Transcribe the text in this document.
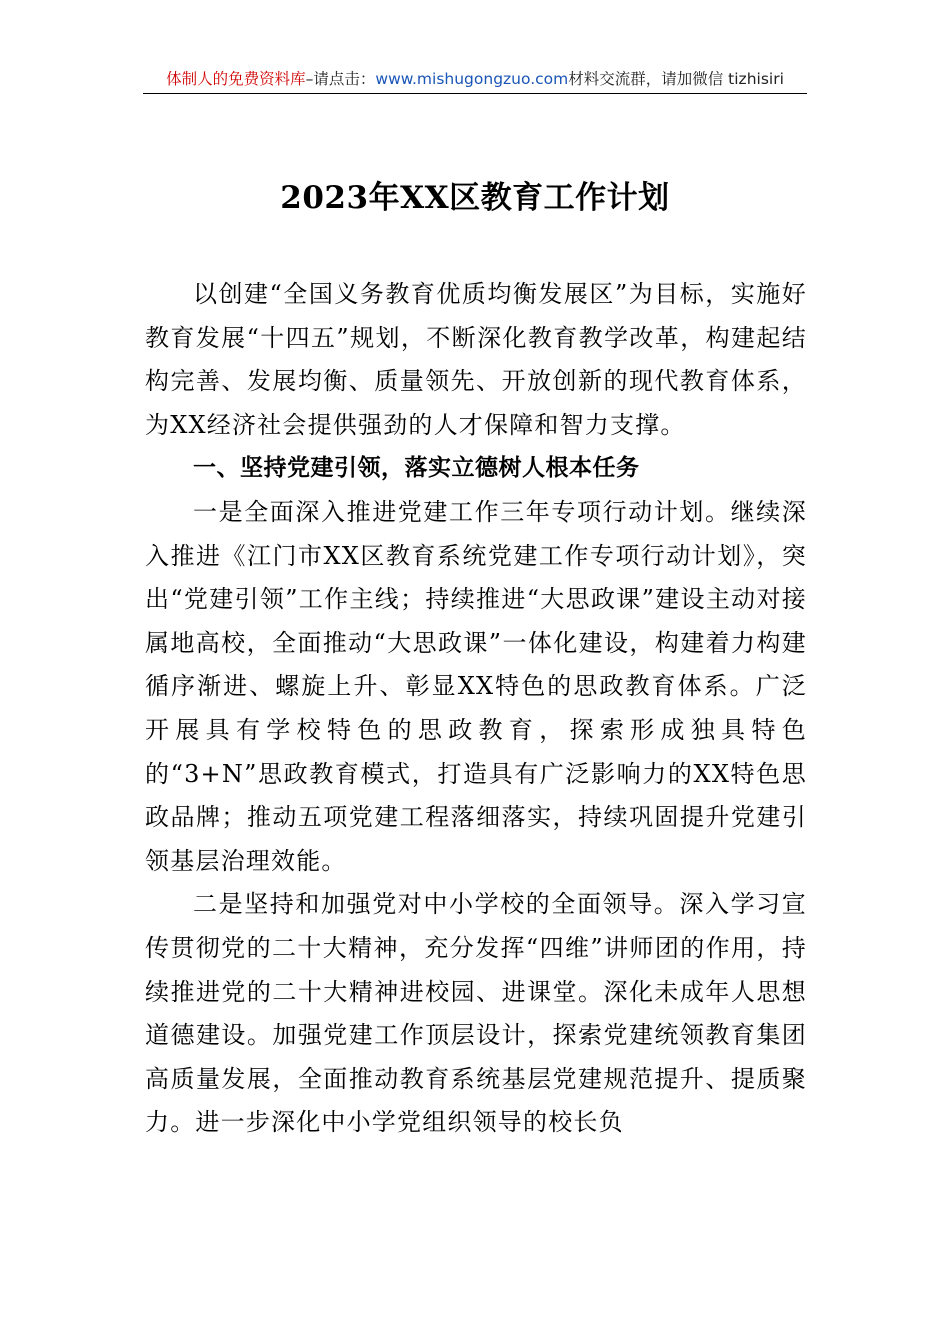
体制人的免费资料库–请点击：www.mishugongzuo.com材料交流群，请加微信 tizhisiri
2023年XX区教育工作计划

以创建“全国义务教育优质均衡发展区”为目标，实施好教育发展“十四五”规划，不断深化教育教学改革，构建起结构完善、发展均衡、质量领先、开放创新的现代教育体系，为XX经济社会提供强劲的人才保障和智力支撑。

一、坚持党建引领，落实立德树人根本任务

一是全面深入推进党建工作三年专项行动计划。继续深入推进《江门市XX区教育系统党建工作专项行动计划》，突出“党建引领”工作主线；持续推进“大思政课”建设主动对接属地高校，全面推动“大思政课”一体化建设，构建着力构建循序渐进、螺旋上升、彰显XX特色的思政教育体系。广泛开展具有学校特色的思政教育，探索形成独具特色的“3+N”思政教育模式，打造具有广泛影响力的XX特色思政品牌；推动五项党建工程落细落实，持续巩固提升党建引领基层治理效能。

二是坚持和加强党对中小学校的全面领导。深入学习宣传贯彻党的二十大精神，充分发挥“四维”讲师团的作用，持续推进党的二十大精神进校园、进课堂。深化未成年人思想道德建设。加强党建工作顶层设计，探索党建统领教育集团高质量发展，全面推动教育系统基层党建规范提升、提质聚力。进一步深化中小学党组织领导的校长负
